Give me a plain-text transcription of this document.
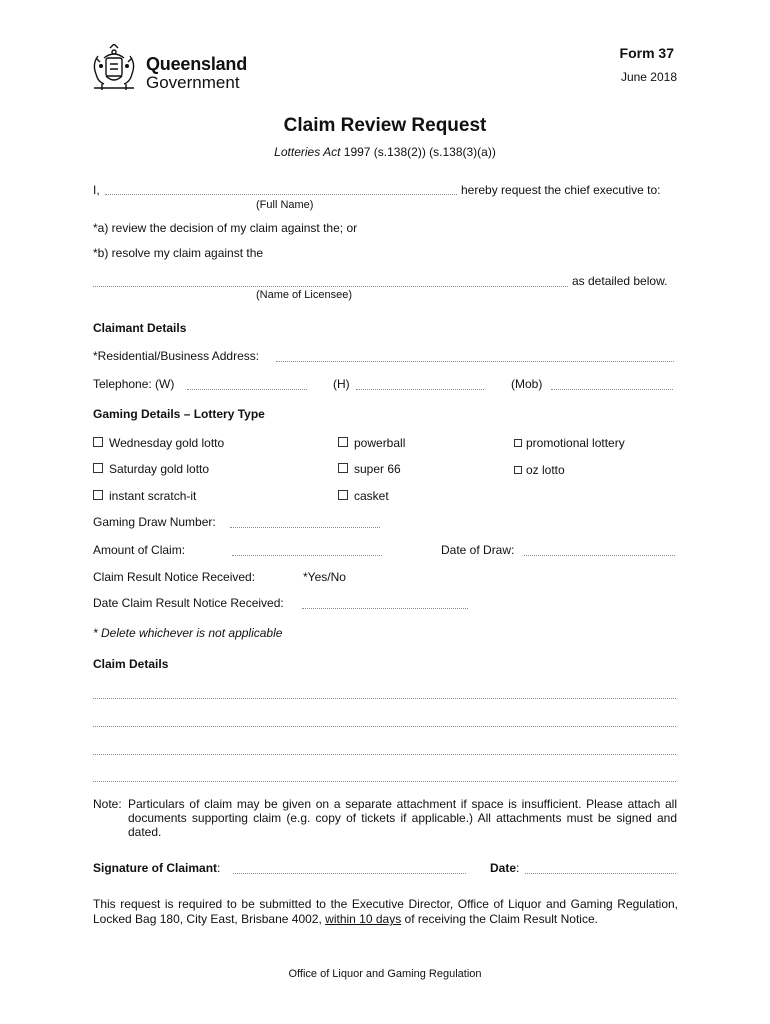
Queensland
Government
Form 37
June 2018
Claim Review Request
Lotteries Act 1997 (s.138(2)) (s.138(3)(a))
I,	hereby request the chief executive to:
(Full Name)
*a) review the decision of my claim against the; or
*b) resolve my claim against the
as detailed below.
(Name of Licensee)
Claimant Details
*Residential/Business Address:
Telephone: (W)	(H)	(Mob)
Gaming Details – Lottery Type
Wednesday gold lotto	powerball	promotional lottery
Saturday gold lotto	super 66	oz lotto
instant scratch-it	casket
Gaming Draw Number:
Amount of Claim:	Date of Draw:
Claim Result Notice Received:	*Yes/No
Date Claim Result Notice Received:
* Delete whichever is not applicable
Claim Details
Note: Particulars of claim may be given on a separate attachment if space is insufficient. Please attach all documents supporting claim (e.g. copy of tickets if applicable.) All attachments must be signed and dated.
Signature of Claimant:	Date:
This request is required to be submitted to the Executive Director, Office of Liquor and Gaming Regulation, Locked Bag 180, City East, Brisbane 4002, within 10 days of receiving the Claim Result Notice.
Office of Liquor and Gaming Regulation
